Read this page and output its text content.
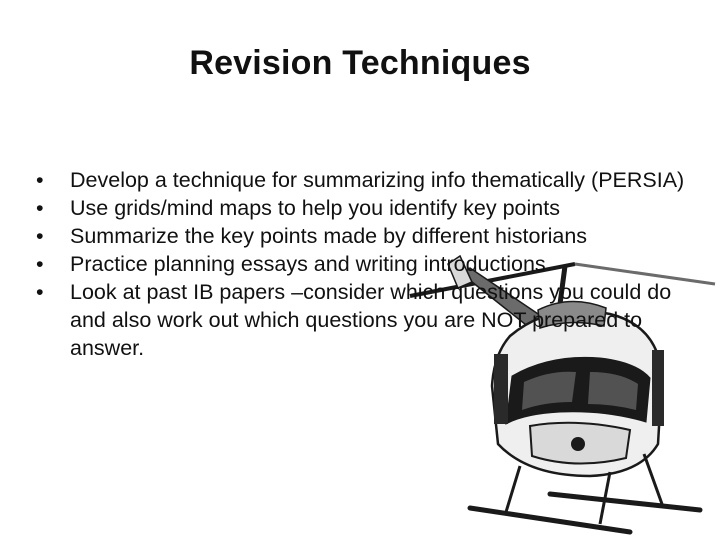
Revision Techniques
•	Develop a technique for summarizing info thematically (PERSIA)
•	Use grids/mind maps to help you identify key points
•	Summarize the key points made by different historians
•	Practice planning essays and writing introductions
•	Look at past IB papers –consider which questions you could do and also work out which questions you are NOT prepared to answer.
